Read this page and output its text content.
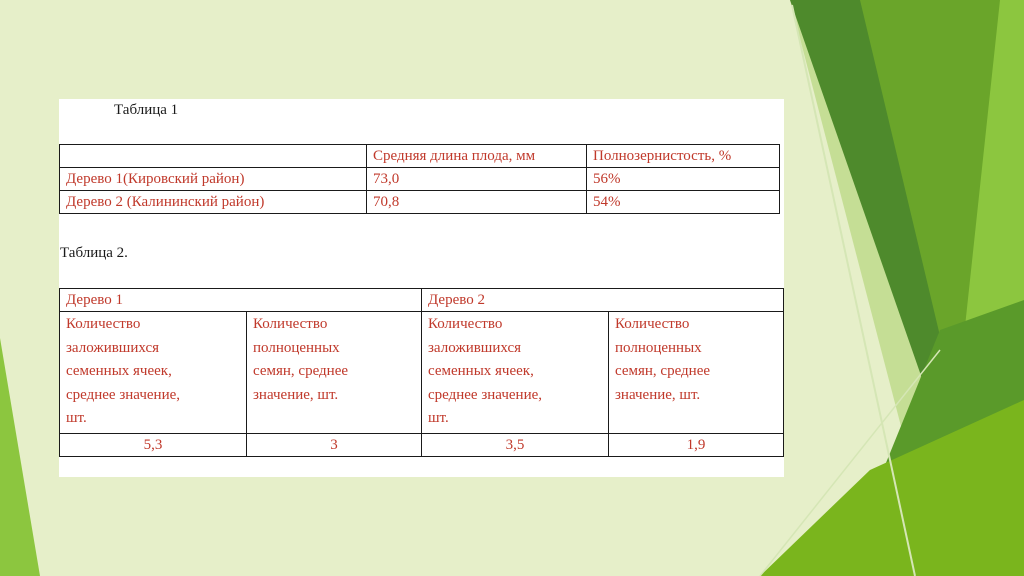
Таблица 1

	Средняя длина плода, мм	Полнозернистость, %
Дерево 1(Кировский район)	73,0	56%
Дерево 2 (Калининский район)	70,8	54%

Таблица 2.

Дерево 1		Дерево 2	

Количество
заложившихся
семенных ячеек,
среднее значение,
шт.	Количество
полноценных
семян, среднее
значение, шт.	Количество
заложившихся
семенных ячеек,
среднее значение,
шт.	Количество
полноценных
семян, среднее
значение, шт.

5,3	3	3,5	1,9
